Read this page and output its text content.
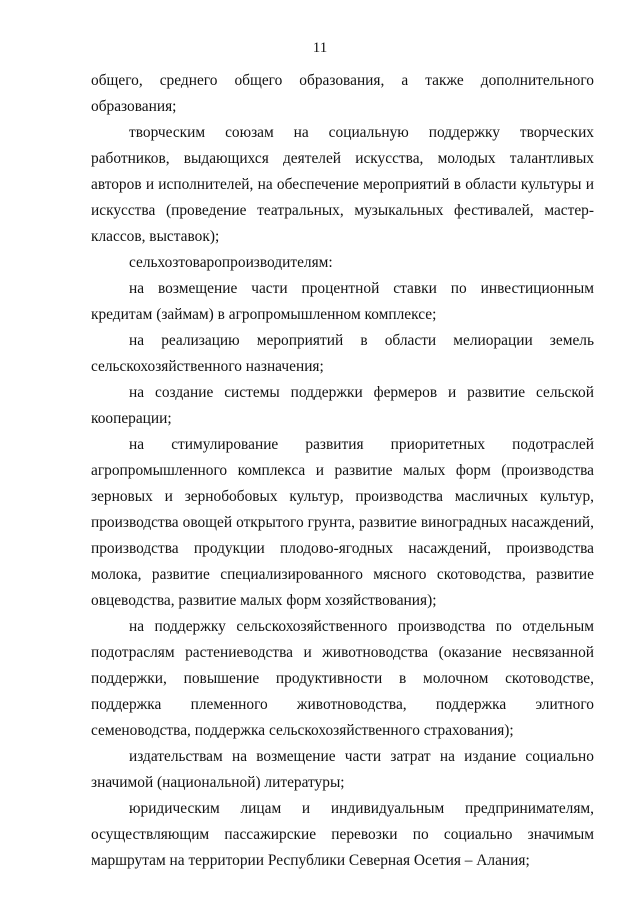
11

общего, среднего общего образования, а также дополнительного образования;

творческим союзам на социальную поддержку творческих работников, выдающихся деятелей искусства, молодых талантливых авторов и исполнителей, на обеспечение мероприятий в области культуры и искусства (проведение театральных, музыкальных фестивалей, мастер-классов, выставок);

сельхозтоваропроизводителям:

на возмещение части процентной ставки по инвестиционным кредитам (займам) в агропромышленном комплексе;

на реализацию мероприятий в области мелиорации земель сельскохозяйственного назначения;

на создание системы поддержки фермеров и развитие сельской кооперации;

на стимулирование развития приоритетных подотраслей агропромышленного комплекса и развитие малых форм (производства зерновых и зернобобовых культур, производства масличных культур, производства овощей открытого грунта, развитие виноградных насаждений, производства продукции плодово-ягодных насаждений, производства молока, развитие специализированного мясного скотоводства, развитие овцеводства, развитие малых форм хозяйствования);

на поддержку сельскохозяйственного производства по отдельным подотраслям растениеводства и животноводства (оказание несвязанной поддержки, повышение продуктивности в молочном скотоводстве, поддержка племенного животноводства, поддержка элитного семеноводства, поддержка сельскохозяйственного страхования);

издательствам на возмещение части затрат на издание социально значимой (национальной) литературы;

юридическим лицам и индивидуальным предпринимателям, осуществляющим пассажирские перевозки по социально значимым маршрутам на территории Республики Северная Осетия – Алания;
